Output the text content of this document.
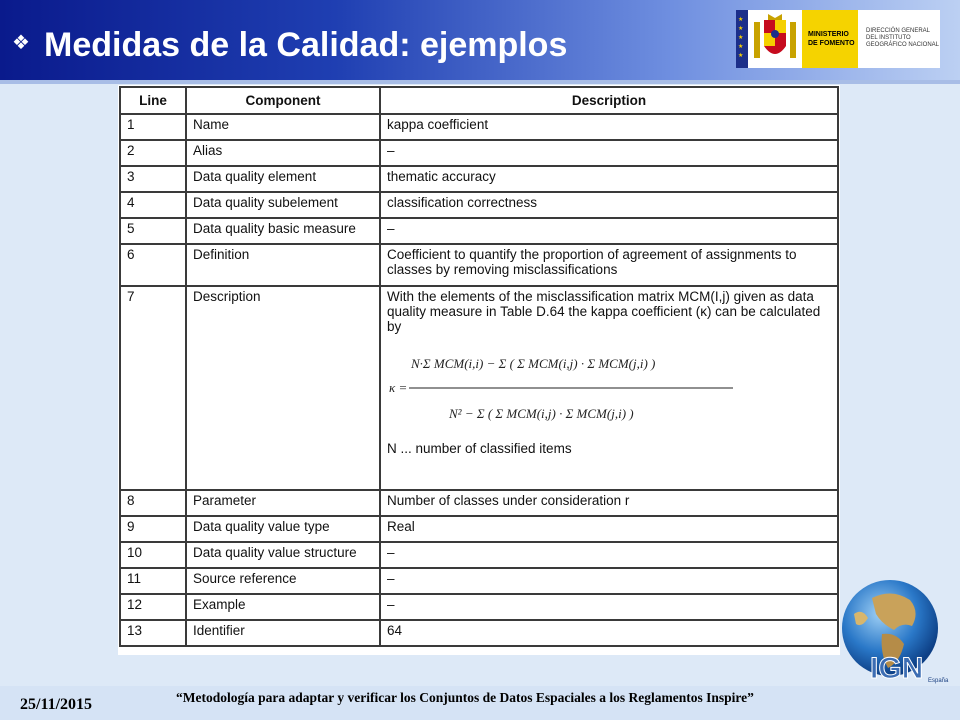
❖ Medidas de la Calidad: ejemplos
★
★
★
★
★
MINISTERIO
DE FOMENTO
DIRECCIÓN GENERAL
DEL INSTITUTO
GEOGRÁFICO NACIONAL
Line	Component	Description
1	Name	kappa coefficient
2	Alias	–
3	Data quality element	thematic accuracy
4	Data quality subelement	classification correctness
5	Data quality basic measure	–
6	Definition	Coefficient to quantify the proportion of agreement of assignments to classes by removing misclassifications
7	Description	With the elements of the misclassification matrix MCM(I,j) given as data quality measure in Table D.64 the kappa coefficient (κ) can be calculated by
N·Σ MCM(i,i) − Σ ( Σ MCM(i,j) · Σ MCM(j,i) )
κ =
N² − Σ ( Σ MCM(i,j) · Σ MCM(j,i) )
N ... number of classified items

8	Parameter	Number of classes under consideration r
9	Data quality value type	Real
10	Data quality value structure	–
11	Source reference	–
12	Example	–
13	Identifier	64
IGN España
25/11/2015	“Metodología para adaptar y verificar los Conjuntos de Datos Espaciales a los Reglamentos Inspire”
